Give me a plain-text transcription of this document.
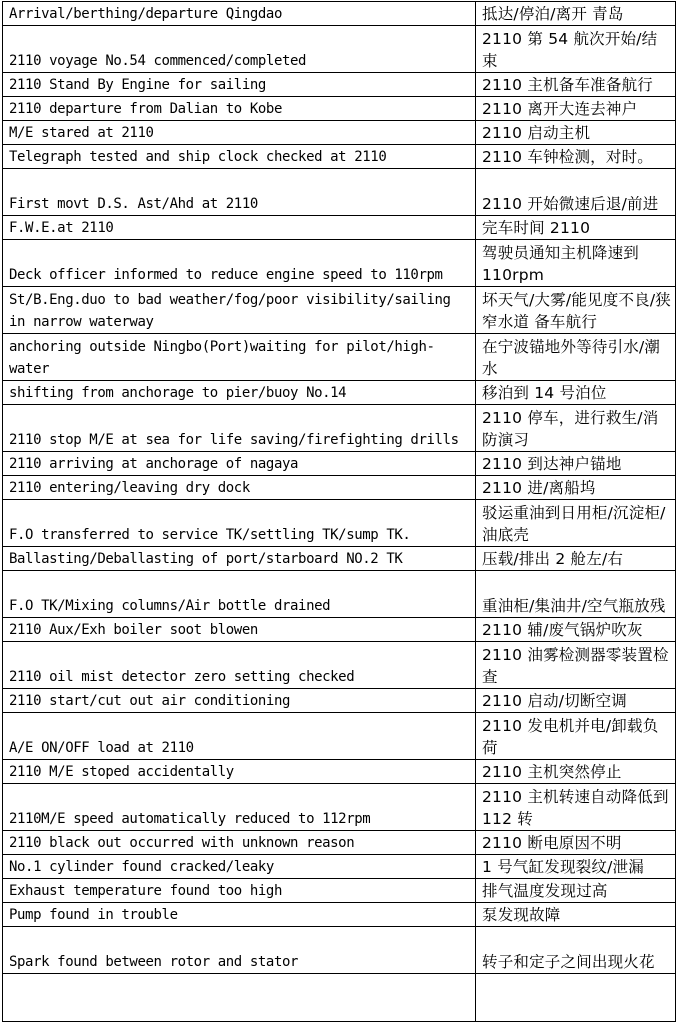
Arrival/berthing/departure Qingdao	抵达/停泊/离开 青岛
2110 voyage No.54 commenced/completed	2110 第 54 航次开始/结束
2110 Stand By Engine for sailing	2110 主机备车准备航行
2110 departure from Dalian to Kobe	2110 离开大连去神户
M/E stared at 2110	2110 启动主机
Telegraph tested and ship clock checked at 2110	2110 车钟检测，对时。
First movt D.S. Ast/Ahd at 2110	2110 开始微速后退/前进
F.W.E.at 2110	完车时间 2110
Deck officer informed to reduce engine speed to 110rpm	驾驶员通知主机降速到 110rpm
St/B.Eng.duo to bad weather/fog/poor visibility/sailing in narrow waterway	坏天气/大雾/能见度不良/狭窄水道 备车航行
anchoring outside Ningbo(Port)waiting for pilot/high-water	在宁波锚地外等待引水/潮水
shifting from anchorage to pier/buoy No.14	移泊到 14 号泊位
2110 stop M/E at sea for life saving/firefighting drills	2110 停车，进行救生/消防演习
2110 arriving at anchorage of nagaya	2110 到达神户锚地
2110 entering/leaving dry dock	2110 进/离船坞
F.O transferred to service TK/settling TK/sump TK.	驳运重油到日用柜/沉淀柜/油底壳
Ballasting/Deballasting of port/starboard NO.2 TK	压载/排出 2 舱左/右
F.O TK/Mixing columns/Air bottle drained	重油柜/集油井/空气瓶放残
2110 Aux/Exh boiler soot blowen	2110 辅/废气锅炉吹灰
2110 oil mist detector zero setting checked	2110 油雾检测器零装置检查
2110 start/cut out air conditioning	2110 启动/切断空调
A/E ON/OFF load at 2110	2110 发电机并电/卸载负荷
2110 M/E stoped accidentally	2110 主机突然停止
2110M/E speed automatically reduced to 112rpm	2110 主机转速自动降低到 112 转
2110 black out occurred with unknown reason	2110 断电原因不明
No.1 cylinder found cracked/leaky	1 号气缸发现裂纹/泄漏
Exhaust temperature found too high	排气温度发现过高
Pump found in trouble	泵发现故障
Spark found between rotor and stator	转子和定子之间出现火花
